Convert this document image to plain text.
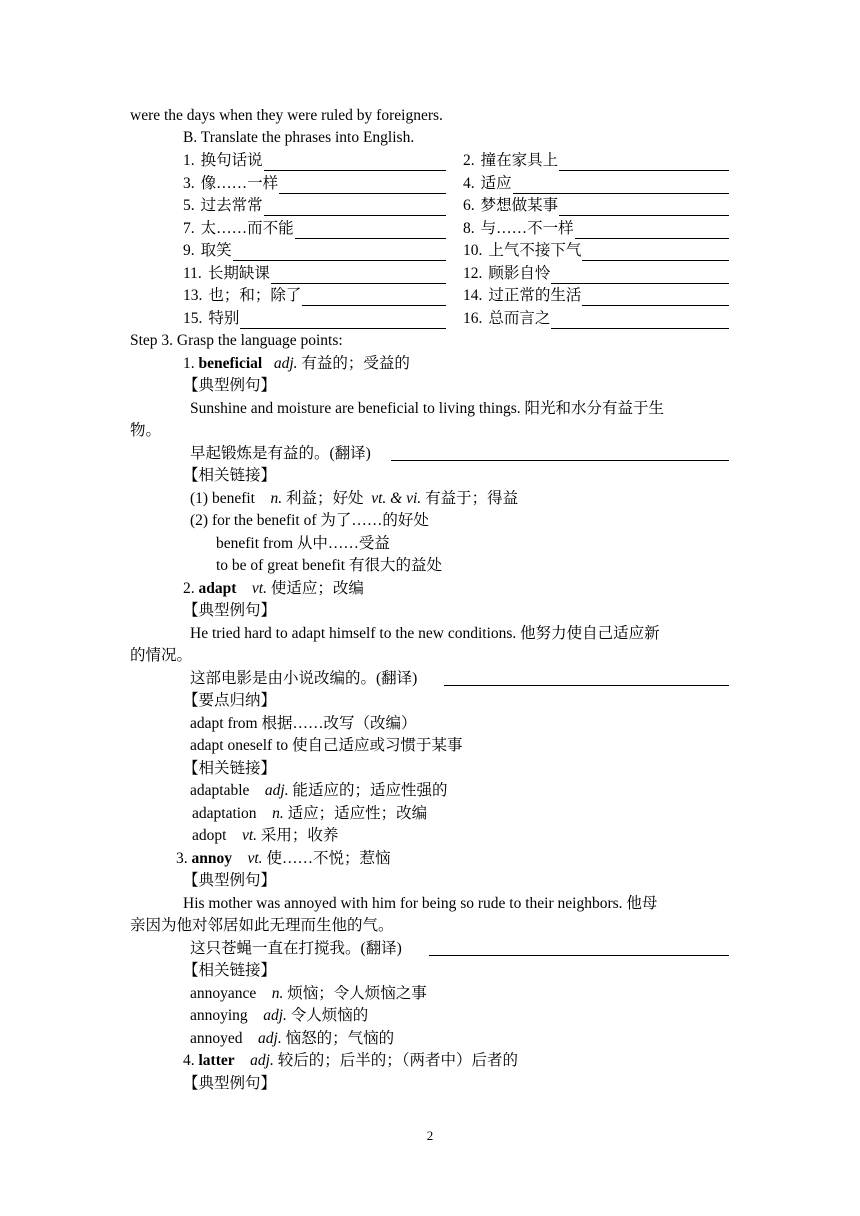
were the days when they were ruled by foreigners.
B. Translate the phrases into English.
1. 换句话说	2. 撞在家具上
3. 像……一样	4. 适应
5. 过去常常	6. 梦想做某事
7. 太……而不能	8. 与……不一样
9. 取笑	10. 上气不接下气
11. 长期缺课	12. 顾影自怜
13. 也；和；除了	14. 过正常的生活
15. 特别	16. 总而言之
Step 3. Grasp the language points:
1. beneficial adj. 有益的；受益的
【典型例句】
Sunshine and moisture are beneficial to living things. 阳光和水分有益于生
物。
早起锻炼是有益的。(翻译)
【相关链接】
(1) benefit n. 利益；好处 vt. & vi. 有益于；得益
(2) for the benefit of 为了……的好处
benefit from 从中……受益
to be of great benefit 有很大的益处
2. adapt vt. 使适应；改编
【典型例句】
He tried hard to adapt himself to the new conditions. 他努力使自己适应新
的情况。
这部电影是由小说改编的。(翻译)
【要点归纳】
adapt from 根据……改写（改编）
adapt oneself to 使自己适应或习惯于某事
【相关链接】
adaptable adj. 能适应的；适应性强的
adaptation n. 适应；适应性；改编
adopt vt. 采用；收养
3. annoy vt. 使……不悦；惹恼
【典型例句】
His mother was annoyed with him for being so rude to their neighbors. 他母
亲因为他对邻居如此无理而生他的气。
这只苍蝇一直在打搅我。(翻译)
【相关链接】
annoyance n. 烦恼；令人烦恼之事
annoying adj. 令人烦恼的
annoyed adj. 恼怒的；气恼的
4. latter adj. 较后的；后半的；（两者中）后者的
【典型例句】
2
